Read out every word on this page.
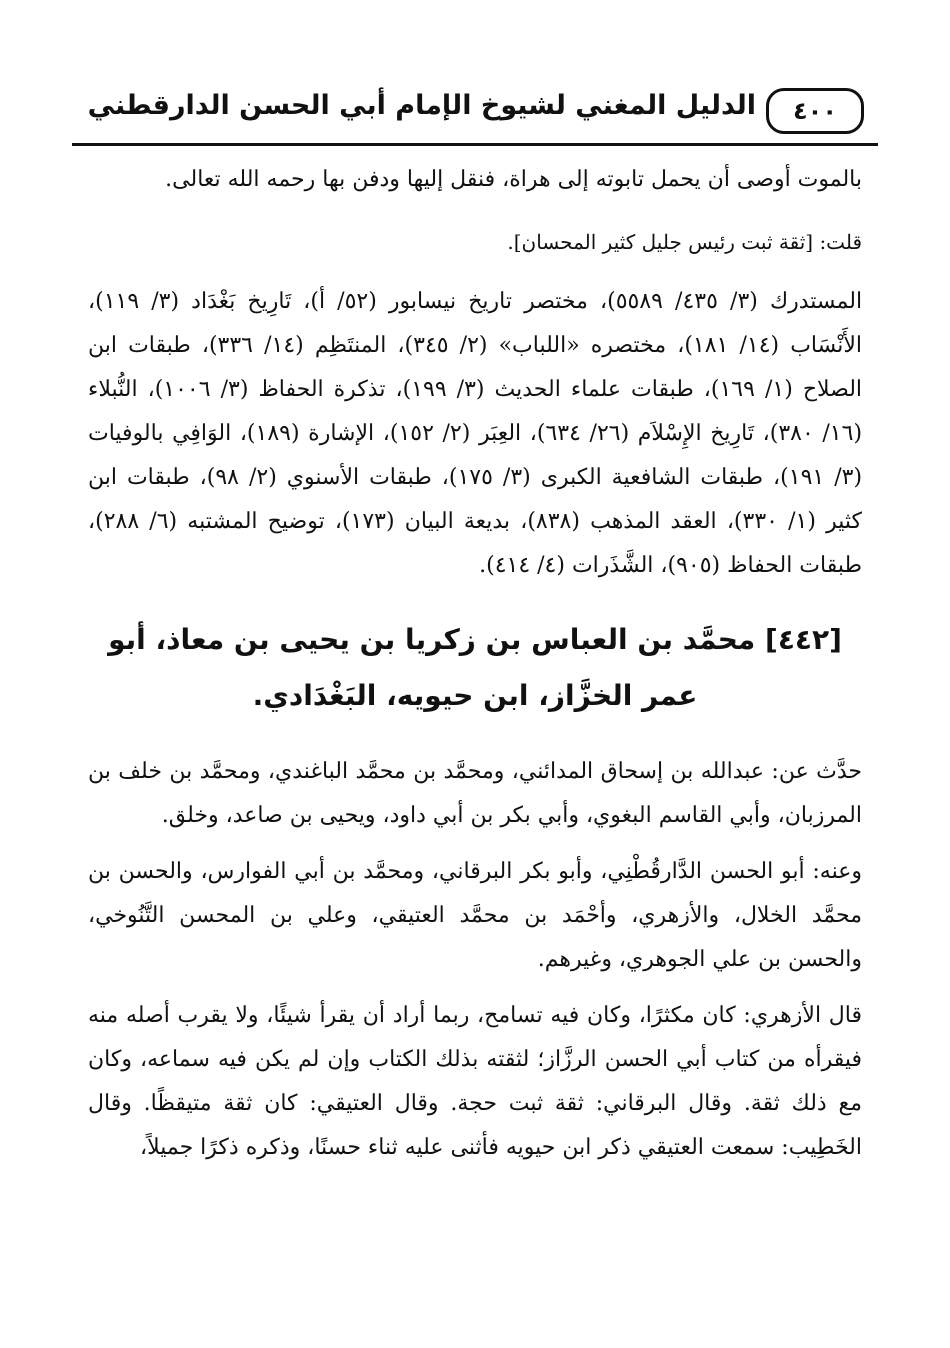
٤٠٠
الدليل المغني لشيوخ الإمام أبي الحسن الدارقطني

بالموت أوصى أن يحمل تابوته إلى هراة، فنقل إليها ودفن بها رحمه الله تعالى.

قلت: [ثقة ثبت رئيس جليل كثير المحسان].

المستدرك (٣/ ٤٣٥/ ٥٥٨٩)، مختصر تاريخ نيسابور (٥٢/ أ)، تَارِيخ بَغْدَاد (٣/ ١١٩)، الأَنْسَاب (١٤/ ١٨١)، مختصره «اللباب» (٢/ ٣٤٥)، المنتَظِم (١٤/ ٣٣٦)، طبقات ابن الصلاح (١/ ١٦٩)، طبقات علماء الحديث (٣/ ١٩٩)، تذكرة الحفاظ (٣/ ١٠٠٦)، النُّبلاء (١٦/ ٣٨٠)، تَارِيخ الإِسْلاَم (٢٦/ ٦٣٤)، العِبَر (٢/ ١٥٢)، الإشارة (١٨٩)، الوَافِي بالوفيات (٣/ ١٩١)، طبقات الشافعية الكبرى (٣/ ١٧٥)، طبقات الأسنوي (٢/ ٩٨)، طبقات ابن كثير (١/ ٣٣٠)، العقد المذهب (٨٣٨)، بديعة البيان (١٧٣)، توضيح المشتبه (٦/ ٢٨٨)، طبقات الحفاظ (٩٠٥)، الشَّذَرات (٤/ ٤١٤).

[٤٤٢] محمَّد بن العباس بن زكريا بن يحيى بن معاذ، أبو عمر الخزَّاز، ابن حيويه، البَغْدَادي.

حدَّث عن: عبدالله بن إسحاق المدائني، ومحمَّد بن محمَّد الباغندي، ومحمَّد بن خلف بن المرزبان، وأبي القاسم البغوي، وأبي بكر بن أبي داود، ويحيى بن صاعد، وخلق.

وعنه: أبو الحسن الدَّارقُطْنِي، وأبو بكر البرقاني، ومحمَّد بن أبي الفوارس، والحسن بن محمَّد الخلال، والأزهري، وأحْمَد بن محمَّد العتيقي، وعلي بن المحسن التَّنُوخي، والحسن بن علي الجوهري، وغيرهم.

قال الأزهري: كان مكثرًا، وكان فيه تسامح، ربما أراد أن يقرأ شيئًا، ولا يقرب أصله منه فيقرأه من كتاب أبي الحسن الرزَّاز؛ لثقته بذلك الكتاب وإن لم يكن فيه سماعه، وكان مع ذلك ثقة. وقال البرقاني: ثقة ثبت حجة. وقال العتيقي: كان ثقة متيقظًا. وقال الخَطِيب: سمعت العتيقي ذكر ابن حيويه فأثنى عليه ثناء حسنًا، وذكره ذكرًا جميلاً،
